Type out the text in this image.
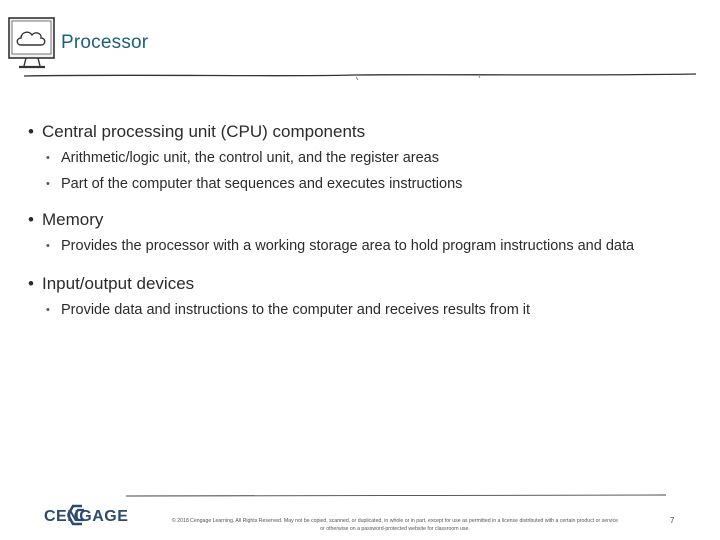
Processor
• Central processing unit (CPU) components
• Arithmetic/logic unit, the control unit, and the register areas
• Part of the computer that sequences and executes instructions
• Memory
• Provides the processor with a working storage area to hold program instructions and data
• Input/output devices
• Provide data and instructions to the computer and receives results from it
CENGAGE	© 2018 Cengage Learning. All Rights Reserved. May not be copied, scanned, or duplicated, in whole or in part, except for use as permitted in a license distributed with a certain product or service
or otherwise on a password-protected website for classroom use.
7
